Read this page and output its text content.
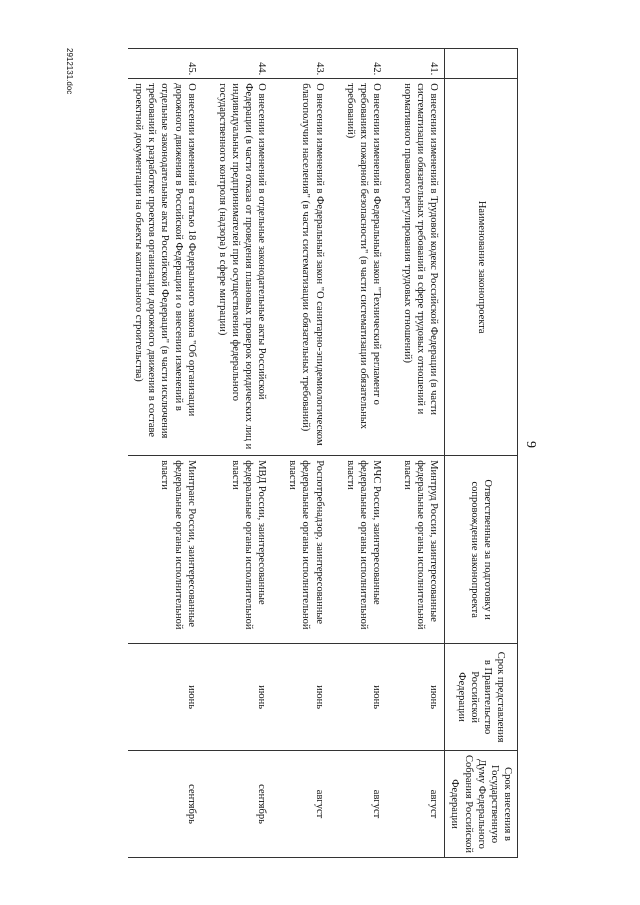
9
	Наименование законопроекта	Ответственные за подготовку и сопровождение законопроекта	Срок представления в Правительство Российской Федерации	Срок внесения в Государственную Думу Федерального Собрания Российской Федерации
41.	О внесении изменений в Трудовой кодекс Российской Федерации (в части систематизации обязательных требований в сфере трудовых отношений и нормативного правового регулирования трудовых отношений)	Минтруд России, заинтересованные федеральные органы исполнительной власти	июнь	август
42.	О внесении изменений в Федеральный закон "Технический регламент о требованиях пожарной безопасности" (в части систематизации обязательных требований)	МЧС России, заинтересованные федеральные органы исполнительной власти	июнь	август
43.	О внесении изменений в Федеральный закон "О санитарно-эпидемиологическом благополучии населения" (в части систематизации обязательных требований)	Роспотребнадзор, заинтересованные федеральные органы исполнительной власти	июнь	август
44.	О внесении изменений в отдельные законодательные акты Российской Федерации (в части отказа от проведения плановых проверок юридических лиц и индивидуальных предпринимателей при осуществлении федерального государственного контроля (надзора) в сфере миграции)	МВД России, заинтересованные федеральные органы исполнительной власти	июнь	сентябрь
45.	О внесении изменений в статью 18 Федерального закона "Об организации дорожного движения в Российской Федерации и о внесении изменений в отдельные законодательные акты Российской Федерации" (в части исключения требований к разработке проектов организации дорожного движения в составе проектной документации на объекты капитального строительства)	Минтранс России, заинтересованные федеральные органы исполнительной власти	июнь	сентябрь
2912131.doc
